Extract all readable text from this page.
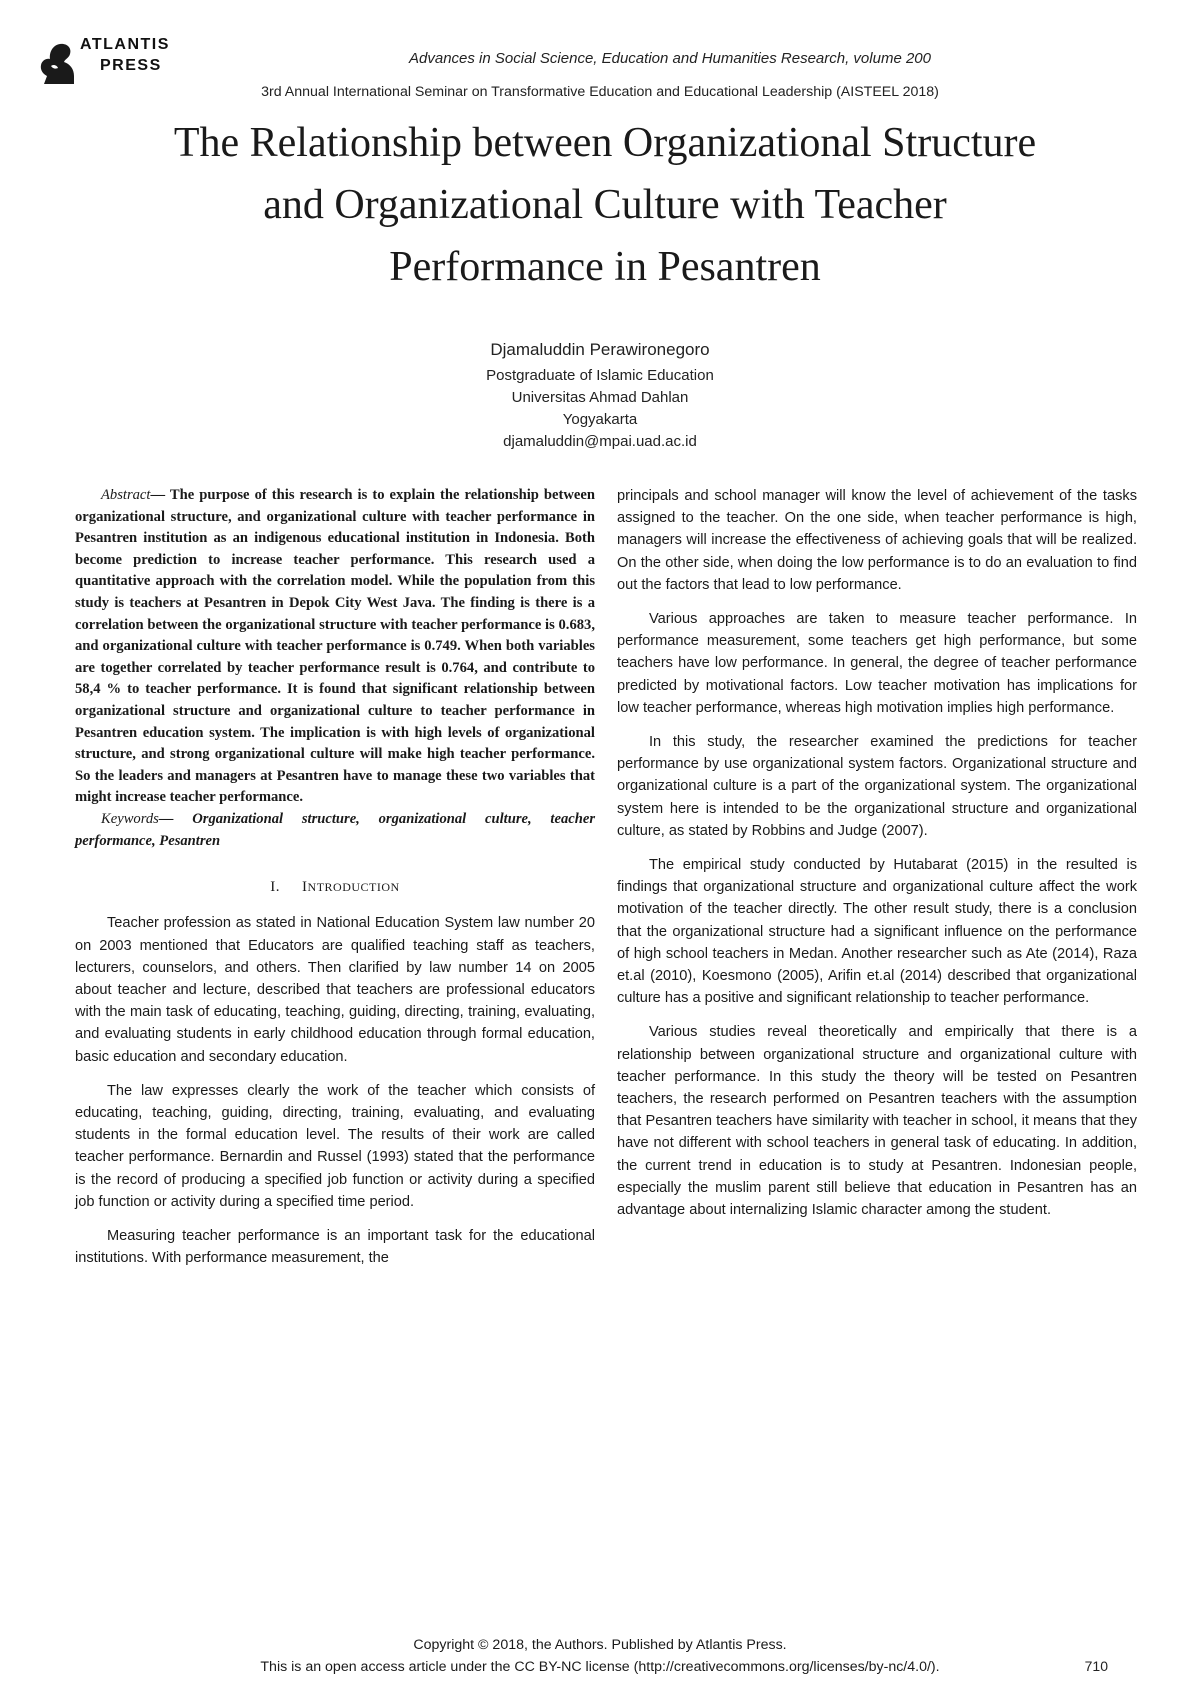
ATLANTIS
PRESS	Advances in Social Science, Education and Humanities Research, volume 200
3rd Annual International Seminar on Transformative Education and Educational Leadership (AISTEEL 2018)
The Relationship between Organizational Structure
and Organizational Culture with Teacher
Performance in Pesantren
Djamaluddin Perawironegoro
Postgraduate of Islamic Education
Universitas Ahmad Dahlan
Yogyakarta
djamaluddin@mpai.uad.ac.id

Abstract— The purpose of this research is to explain the relationship between organizational structure, and organizational culture with teacher performance in Pesantren institution as an indigenous educational institution in Indonesia. Both become prediction to increase teacher performance. This research used a quantitative approach with the correlation model. While the population from this study is teachers at Pesantren in Depok City West Java. The finding is there is a correlation between the organizational structure with teacher performance is 0.683, and organizational culture with teacher performance is 0.749. When both variables are together correlated by teacher performance result is 0.764, and contribute to 58,4 % to teacher performance. It is found that significant relationship between organizational structure and organizational culture to teacher performance in Pesantren education system. The implication is with high levels of organizational structure, and strong organizational culture will make high teacher performance. So the leaders and managers at Pesantren have to manage these two variables that might increase teacher performance.

Keywords— Organizational structure, organizational culture, teacher performance, Pesantren

I. INTRODUCTION

Teacher profession as stated in National Education System law number 20 on 2003 mentioned that Educators are qualified teaching staff as teachers, lecturers, counselors, and others. Then clarified by law number 14 on 2005 about teacher and lecture, described that teachers are professional educators with the main task of educating, teaching, guiding, directing, training, evaluating, and evaluating students in early childhood education through formal education, basic education and secondary education.

The law expresses clearly the work of the teacher which consists of educating, teaching, guiding, directing, training, evaluating, and evaluating students in the formal education level. The results of their work are called teacher performance. Bernardin and Russel (1993) stated that the performance is the record of producing a specified job function or activity during a specified job function or activity during a specified time period.

Measuring teacher performance is an important task for the educational institutions. With performance measurement, the

principals and school manager will know the level of achievement of the tasks assigned to the teacher. On the one side, when teacher performance is high, managers will increase the effectiveness of achieving goals that will be realized. On the other side, when doing the low performance is to do an evaluation to find out the factors that lead to low performance.

Various approaches are taken to measure teacher performance. In performance measurement, some teachers get high performance, but some teachers have low performance. In general, the degree of teacher performance predicted by motivational factors. Low teacher motivation has implications for low teacher performance, whereas high motivation implies high performance.

In this study, the researcher examined the predictions for teacher performance by use organizational system factors. Organizational structure and organizational culture is a part of the organizational system. The organizational system here is intended to be the organizational structure and organizational culture, as stated by Robbins and Judge (2007).

The empirical study conducted by Hutabarat (2015) in the resulted is findings that organizational structure and organizational culture affect the work motivation of the teacher directly. The other result study, there is a conclusion that the organizational structure had a significant influence on the performance of high school teachers in Medan. Another researcher such as Ate (2014), Raza et.al (2010), Koesmono (2005), Arifin et.al (2014) described that organizational culture has a positive and significant relationship to teacher performance.

Various studies reveal theoretically and empirically that there is a relationship between organizational structure and organizational culture with teacher performance. In this study the theory will be tested on Pesantren teachers, the research performed on Pesantren teachers with the assumption that Pesantren teachers have similarity with teacher in school, it means that they have not different with school teachers in general task of educating. In addition, the current trend in education is to study at Pesantren. Indonesian people, especially the muslim parent still believe that education in Pesantren has an advantage about internalizing Islamic character among the student.

Copyright © 2018, the Authors. Published by Atlantis Press.
This is an open access article under the CC BY-NC license (http://creativecommons.org/licenses/by-nc/4.0/).	710
